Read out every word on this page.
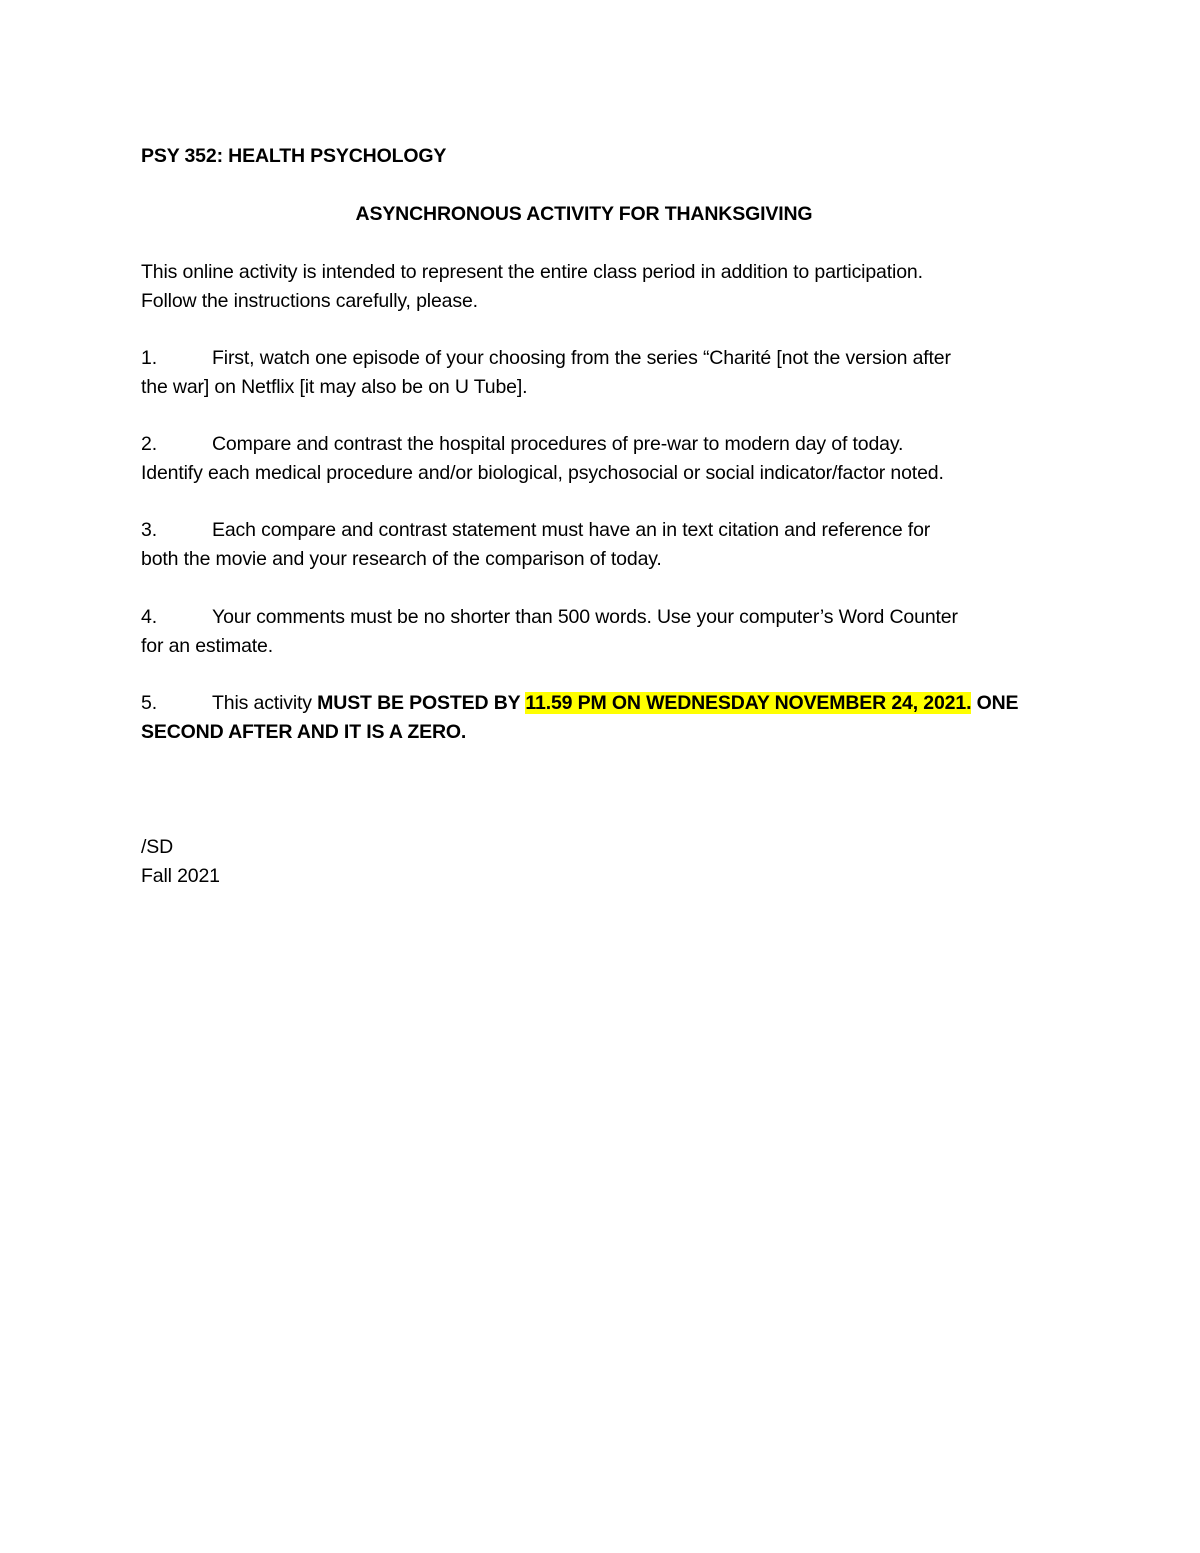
PSY 352: HEALTH PSYCHOLOGY
ASYNCHRONOUS ACTIVITY FOR THANKSGIVING
This online activity is intended to represent the entire class period in addition to participation.
Follow the instructions carefully, please.
1.	First, watch one episode of your choosing from the series “Charité [not the version after
the war] on Netflix [it may also be on U Tube].
2.	Compare and contrast the hospital procedures of pre-war to modern day of today.
Identify each medical procedure and/or biological, psychosocial or social indicator/factor noted.
3.	Each compare and contrast statement must have an in text citation and reference for
both the movie and your research of the comparison of today.
4.	Your comments must be no shorter than 500 words. Use your computer’s Word Counter
for an estimate.
5.	This activity MUST BE POSTED BY 11.59 PM ON WEDNESDAY NOVEMBER 24, 2021. ONE
SECOND AFTER AND IT IS A ZERO.
/SD
Fall 2021
